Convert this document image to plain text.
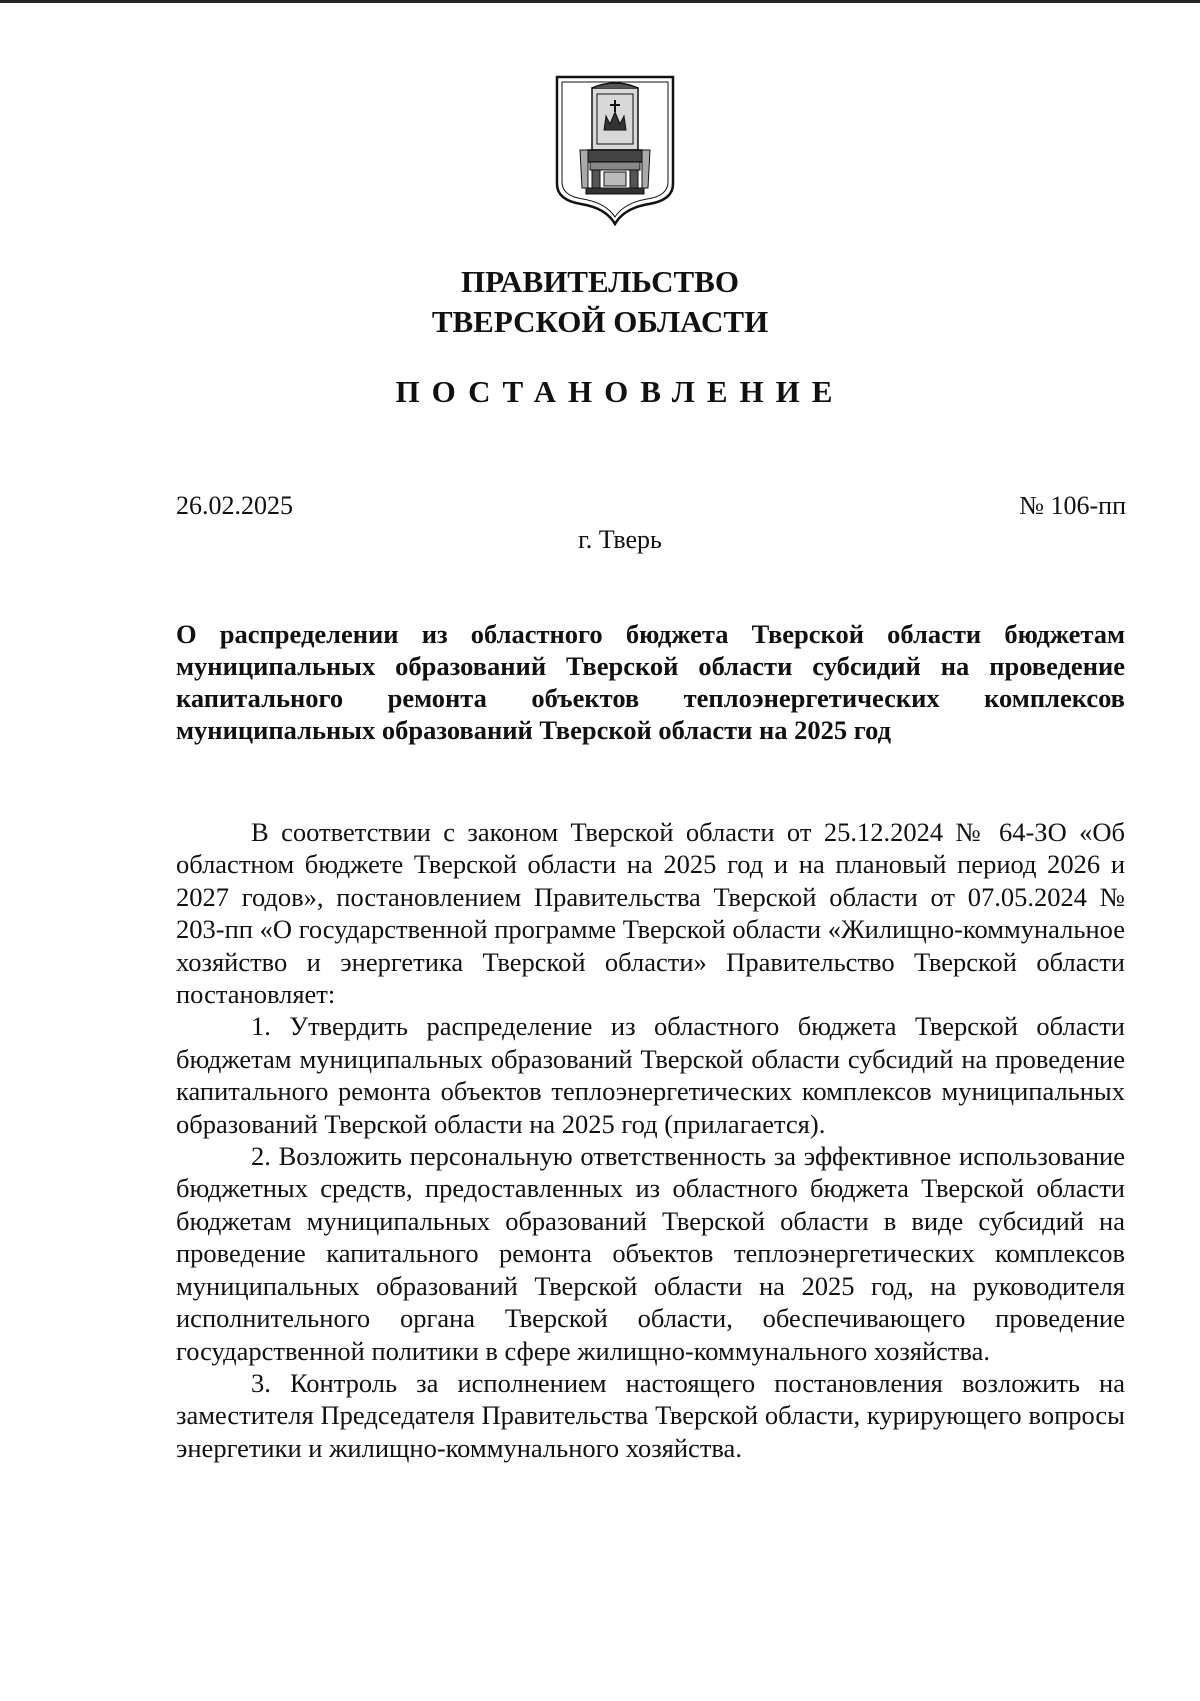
ПРАВИТЕЛЬСТВО
ТВЕРСКОЙ ОБЛАСТИ
ПОСТАНОВЛЕНИЕ
26.02.2025	№ 106-пп
г. Тверь
О распределении из областного бюджета Тверской области бюджетам муниципальных образований Тверской области субсидий на проведение капитального ремонта объектов теплоэнергетических комплексов муниципальных образований Тверской области на 2025 год

В соответствии с законом Тверской области от 25.12.2024 № 64-ЗО «Об областном бюджете Тверской области на 2025 год и на плановый период 2026 и 2027 годов», постановлением Правительства Тверской области от 07.05.2024 № 203-пп «О государственной программе Тверской области «Жилищно-коммунальное хозяйство и энергетика Тверской области» Правительство Тверской области постановляет:

1. Утвердить распределение из областного бюджета Тверской области бюджетам муниципальных образований Тверской области субсидий на проведение капитального ремонта объектов теплоэнергетических комплексов муниципальных образований Тверской области на 2025 год (прилагается).

2. Возложить персональную ответственность за эффективное использование бюджетных средств, предоставленных из областного бюджета Тверской области бюджетам муниципальных образований Тверской области в виде субсидий на проведение капитального ремонта объектов теплоэнергетических комплексов муниципальных образований Тверской области на 2025 год, на руководителя исполнительного органа Тверской области, обеспечивающего проведение государственной политики в сфере жилищно-коммунального хозяйства.

3. Контроль за исполнением настоящего постановления возложить на заместителя Председателя Правительства Тверской области, курирующего вопросы энергетики и жилищно-коммунального хозяйства.
